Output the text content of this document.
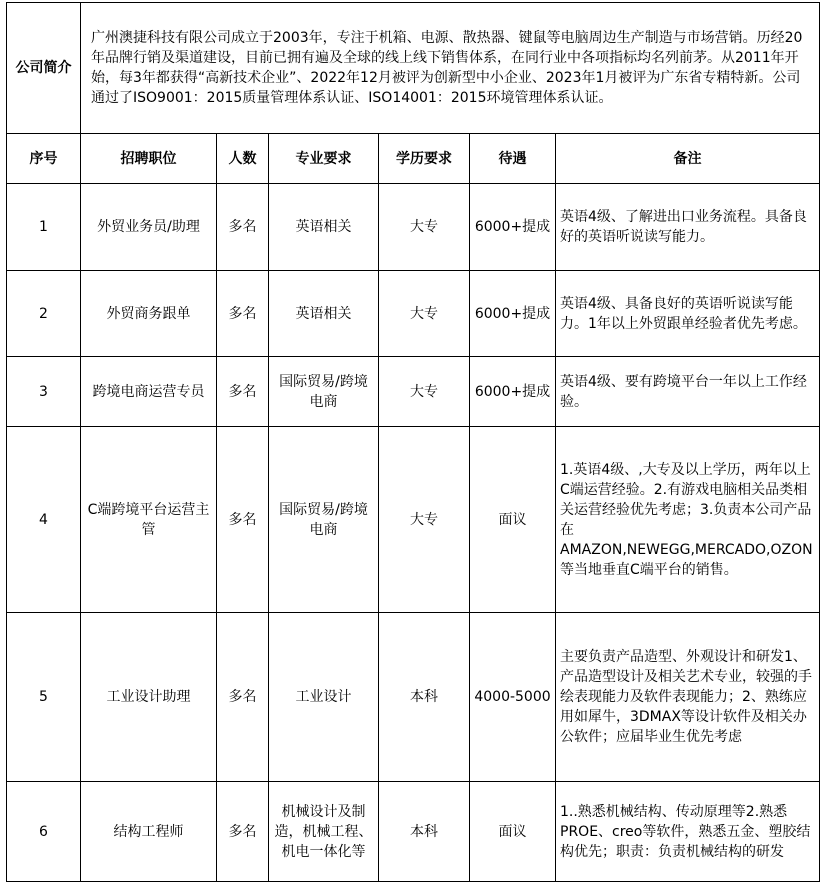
公司简介	广州澳捷科技有限公司成立于2003年，专注于机箱、电源、散热器、键鼠等电脑周边生产制造与市场营销。历经20年品牌行销及渠道建设，目前已拥有遍及全球的线上线下销售体系，在同行业中各项指标均名列前茅。从2011年开始，每3年都获得“高新技术企业”、2022年12月被评为创新型中小企业、2023年1月被评为广东省专精特新。公司通过了ISO9001：2015质量管理体系认证、ISO14001：2015环境管理体系认证。					
序号	招聘职位	人数	专业要求	学历要求	待遇	备注
1	外贸业务员/助理	多名	英语相关	大专	6000+提成	英语4级、了解进出口业务流程。具备良好的英语听说读写能力。
2	外贸商务跟单	多名	英语相关	大专	6000+提成	英语4级、具备良好的英语听说读写能力。1年以上外贸跟单经验者优先考虑。
3	跨境电商运营专员	多名	国际贸易/跨境电商	大专	6000+提成	英语4级、要有跨境平台一年以上工作经验。
4	C端跨境平台运营主管	多名	国际贸易/跨境电商	大专	面议	1.英语4级、,大专及以上学历，两年以上C端运营经验。2.有游戏电脑相关品类相关运营经验优先考虑；3.负责本公司产品在AMAZON,NEWEGG,MERCADO,OZON等当地垂直C端平台的销售。
5	工业设计助理	多名	工业设计	本科	4000-5000	主要负责产品造型、外观设计和研发1、产品造型设计及相关艺术专业，较强的手绘表现能力及软件表现能力；2、熟练应用如犀牛，3DMAX等设计软件及相关办公软件；应届毕业生优先考虑
6	结构工程师	多名	机械设计及制造，机械工程、机电一体化等	本科	面议	1..熟悉机械结构、传动原理等2.熟悉PROE、creo等软件，熟悉五金、塑胶结构优先；职责：负责机械结构的研发
